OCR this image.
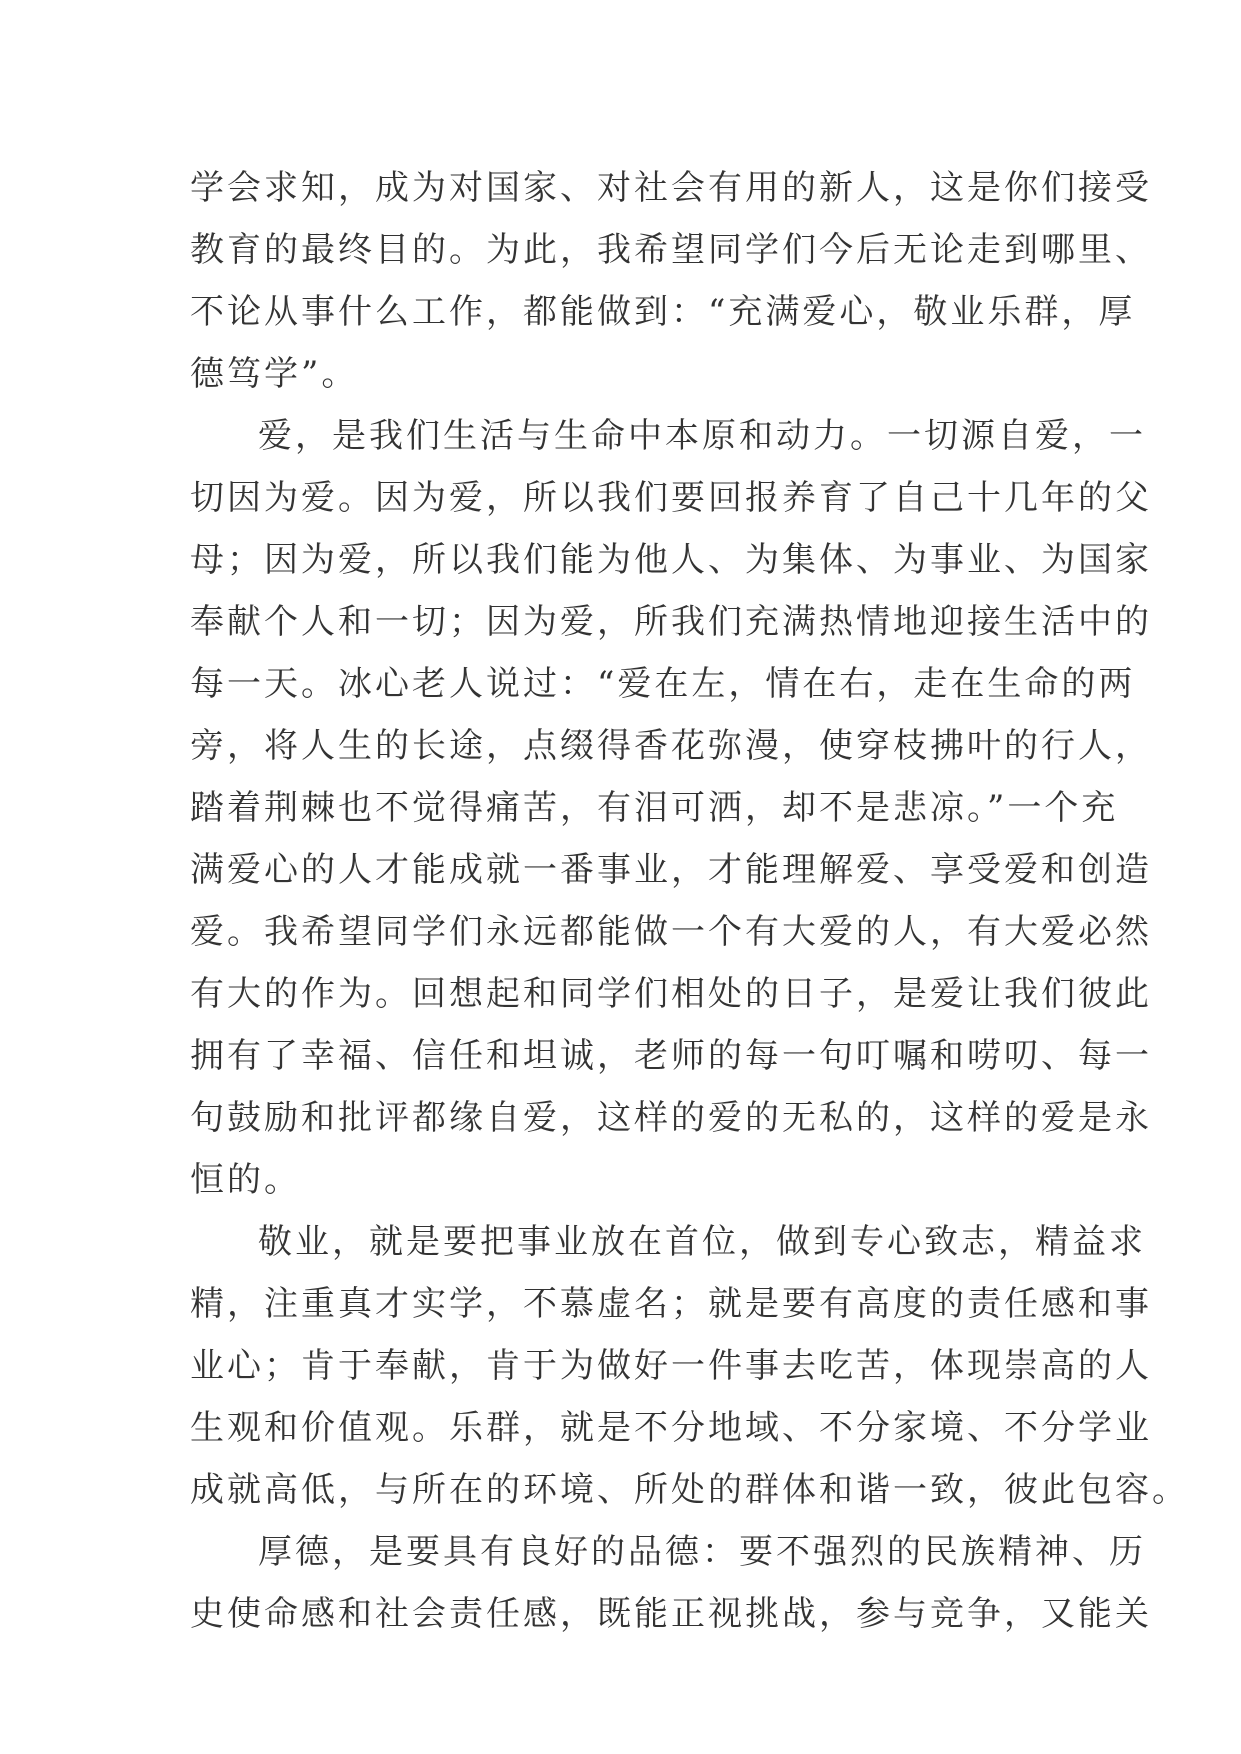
学会求知，成为对国家、对社会有用的新人，这是你们接受
教育的最终目的。为此，我希望同学们今后无论走到哪里、
不论从事什么工作，都能做到：“充满爱心，敬业乐群，厚
德笃学”。
爱，是我们生活与生命中本原和动力。一切源自爱，一
切因为爱。因为爱，所以我们要回报养育了自己十几年的父
母；因为爱，所以我们能为他人、为集体、为事业、为国家
奉献个人和一切；因为爱，所我们充满热情地迎接生活中的
每一天。冰心老人说过：“爱在左，情在右，走在生命的两
旁，将人生的长途，点缀得香花弥漫，使穿枝拂叶的行人，
踏着荆棘也不觉得痛苦，有泪可洒，却不是悲凉。”一个充
满爱心的人才能成就一番事业，才能理解爱、享受爱和创造
爱。我希望同学们永远都能做一个有大爱的人，有大爱必然
有大的作为。回想起和同学们相处的日子，是爱让我们彼此
拥有了幸福、信任和坦诚，老师的每一句叮嘱和唠叨、每一
句鼓励和批评都缘自爱，这样的爱的无私的，这样的爱是永
恒的。
敬业，就是要把事业放在首位，做到专心致志，精益求
精，注重真才实学，不慕虚名；就是要有高度的责任感和事
业心；肯于奉献，肯于为做好一件事去吃苦，体现崇高的人
生观和价值观。乐群，就是不分地域、不分家境、不分学业
成就高低，与所在的环境、所处的群体和谐一致，彼此包容。
厚德，是要具有良好的品德：要不强烈的民族精神、历
史使命感和社会责任感，既能正视挑战，参与竞争，又能关
